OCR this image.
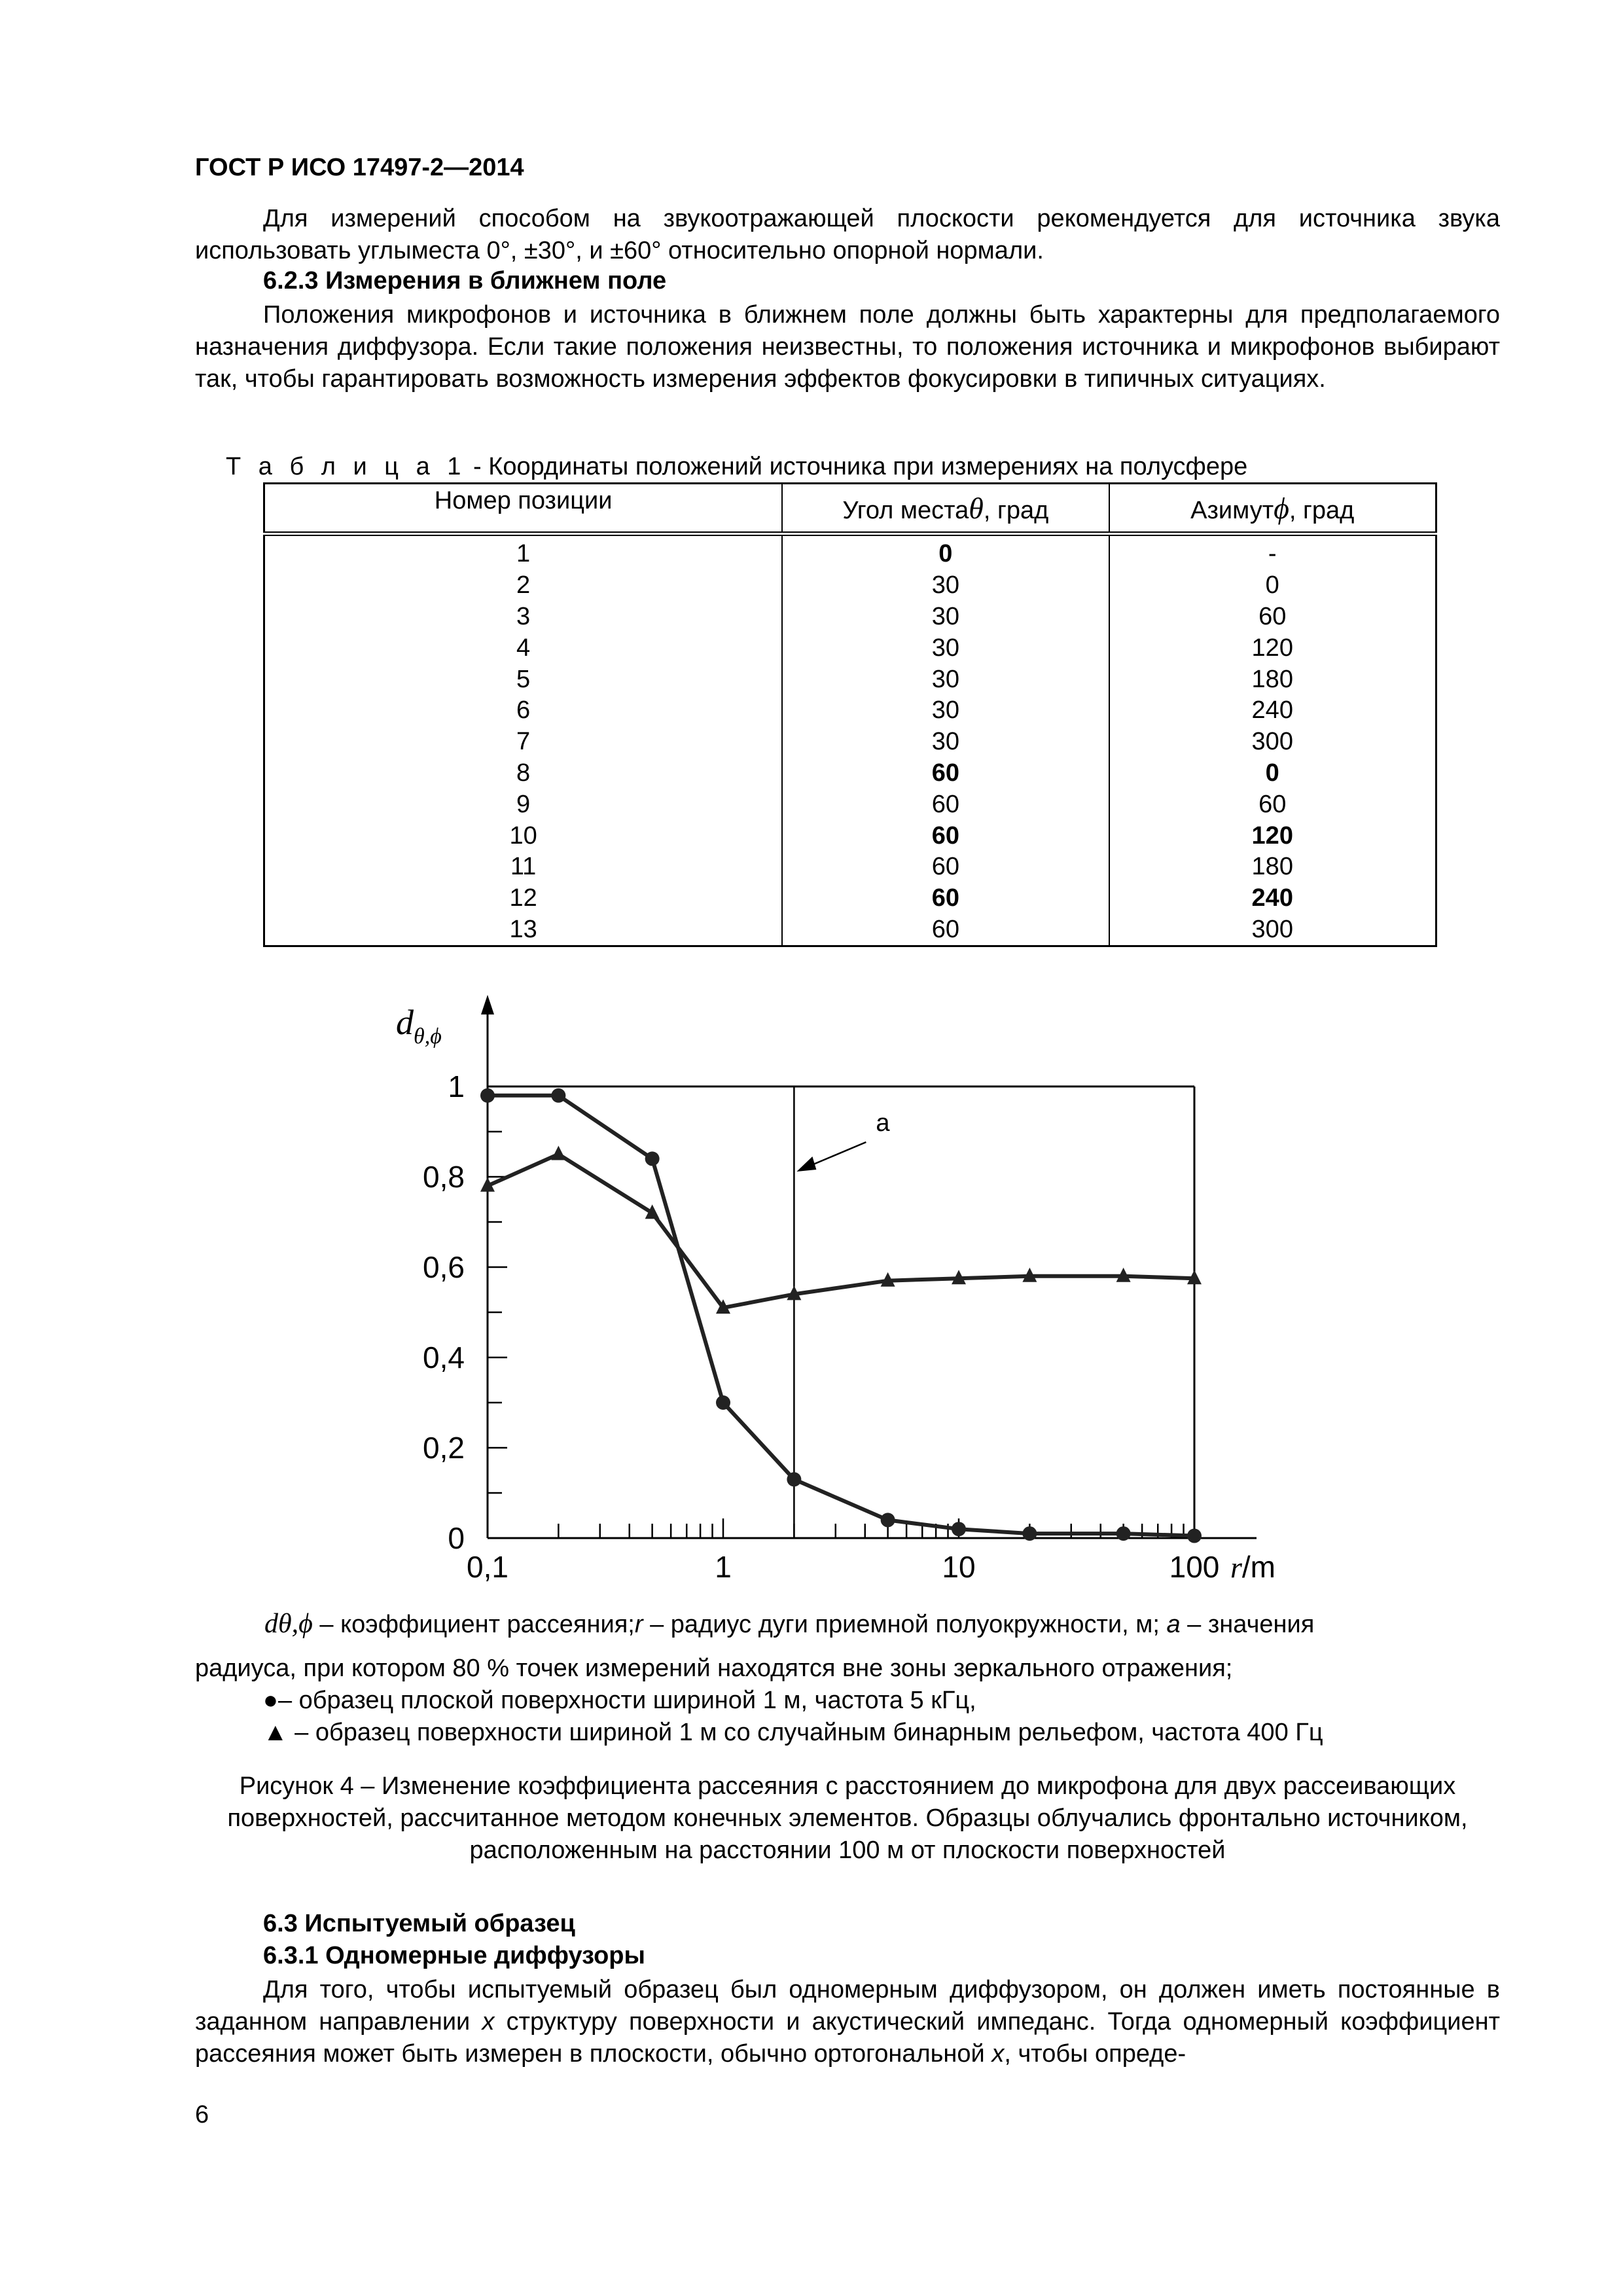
ГОСТ Р ИСО 17497-2—2014
Для измерений способом на звукоотражающей плоскости рекомендуется для источника звука использовать углыместа 0°, ±30°, и ±60° относительно опорной нормали.
6.2.3 Измерения в ближнем поле
Положения микрофонов и источника в ближнем поле должны быть характерны для предполагаемого назначения диффузора. Если такие положения неизвестны, то положения источника и микрофонов выбирают так, чтобы гарантировать возможность измерения эффектов фокусировки в типичных ситуациях.
Т а б л и ц а 1 - Координаты положений источника при измерениях на полусфере
Номер позиции	Угол местаθ, град	Азимутϕ, град
1	0	-
2	30	0
3	30	60
4	30	120
5	30	180
6	30	240
7	30	300
8	60	0
9	60	60
10	60	120
11	60	180
12	60	240
13	60	300
0
0,2
0,4
0,6
0,8
1
0,1	1	10	100 r/m
$d_{\theta,\phi}$
a
dθ,ϕ – коэффициент рассеяния;r – радиус дуги приемной полуокружности, м; a – значения
радиуса, при котором 80 % точек измерений находятся вне зоны зеркального отражения;
●– образец плоской поверхности шириной 1 м, частота 5 кГц,
▲ – образец поверхности шириной 1 м со случайным бинарным рельефом, частота 400 Гц
Рисунок 4 – Изменение коэффициента рассеяния с расстоянием до микрофона для двух рассеивающих поверхностей, рассчитанное методом конечных элементов. Образцы облучались фронтально источником, расположенным на расстоянии 100 м от плоскости поверхностей
6.3 Испытуемый образец
6.3.1 Одномерные диффузоры
Для того, чтобы испытуемый образец был одномерным диффузором, он должен иметь постоянные в заданном направлении x структуру поверхности и акустический импеданс. Тогда одномерный коэффициент рассеяния может быть измерен в плоскости, обычно ортогональной x, чтобы опреде-
6
